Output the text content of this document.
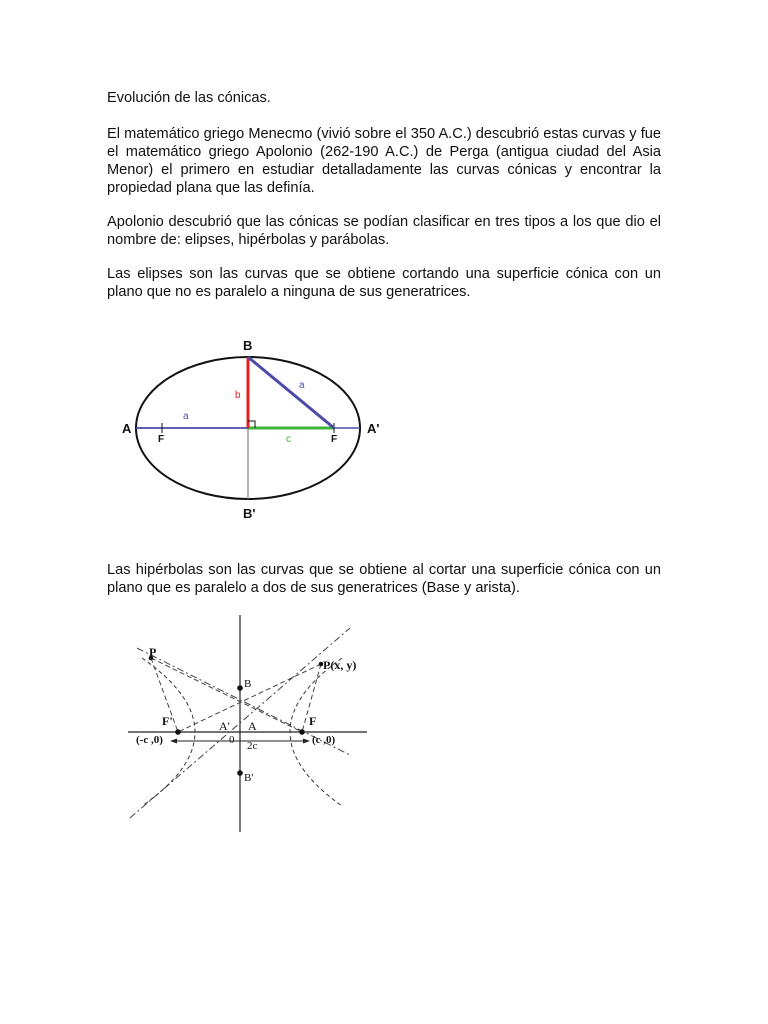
Evolución de las cónicas.

El matemático griego Menecmo (vivió sobre el 350 A.C.) descubrió estas curvas y fue el matemático griego Apolonio (262-190 A.C.) de Perga (antigua ciudad del Asia Menor) el primero en estudiar detalladamente las curvas cónicas y encontrar la propiedad plana que las definía.

Apolonio descubrió que las cónicas se podían clasificar en tres tipos a los que dio el nombre de: elipses, hipérbolas y parábolas.

Las elipses son las curvas que se obtiene cortando una superficie cónica con un plano que no es paralelo a ninguna de sus generatrices.

Las hipérbolas son las curvas que se obtiene al cortar una superficie cónica con un plano que es paralelo a dos de sus generatrices (Base y arista).

B
B'
A	A'
F	F
a
a
b
c
P
P(x, y)
B
B'
F'	F
A' A
0 2c
(-c ,0)	(c ,0)
